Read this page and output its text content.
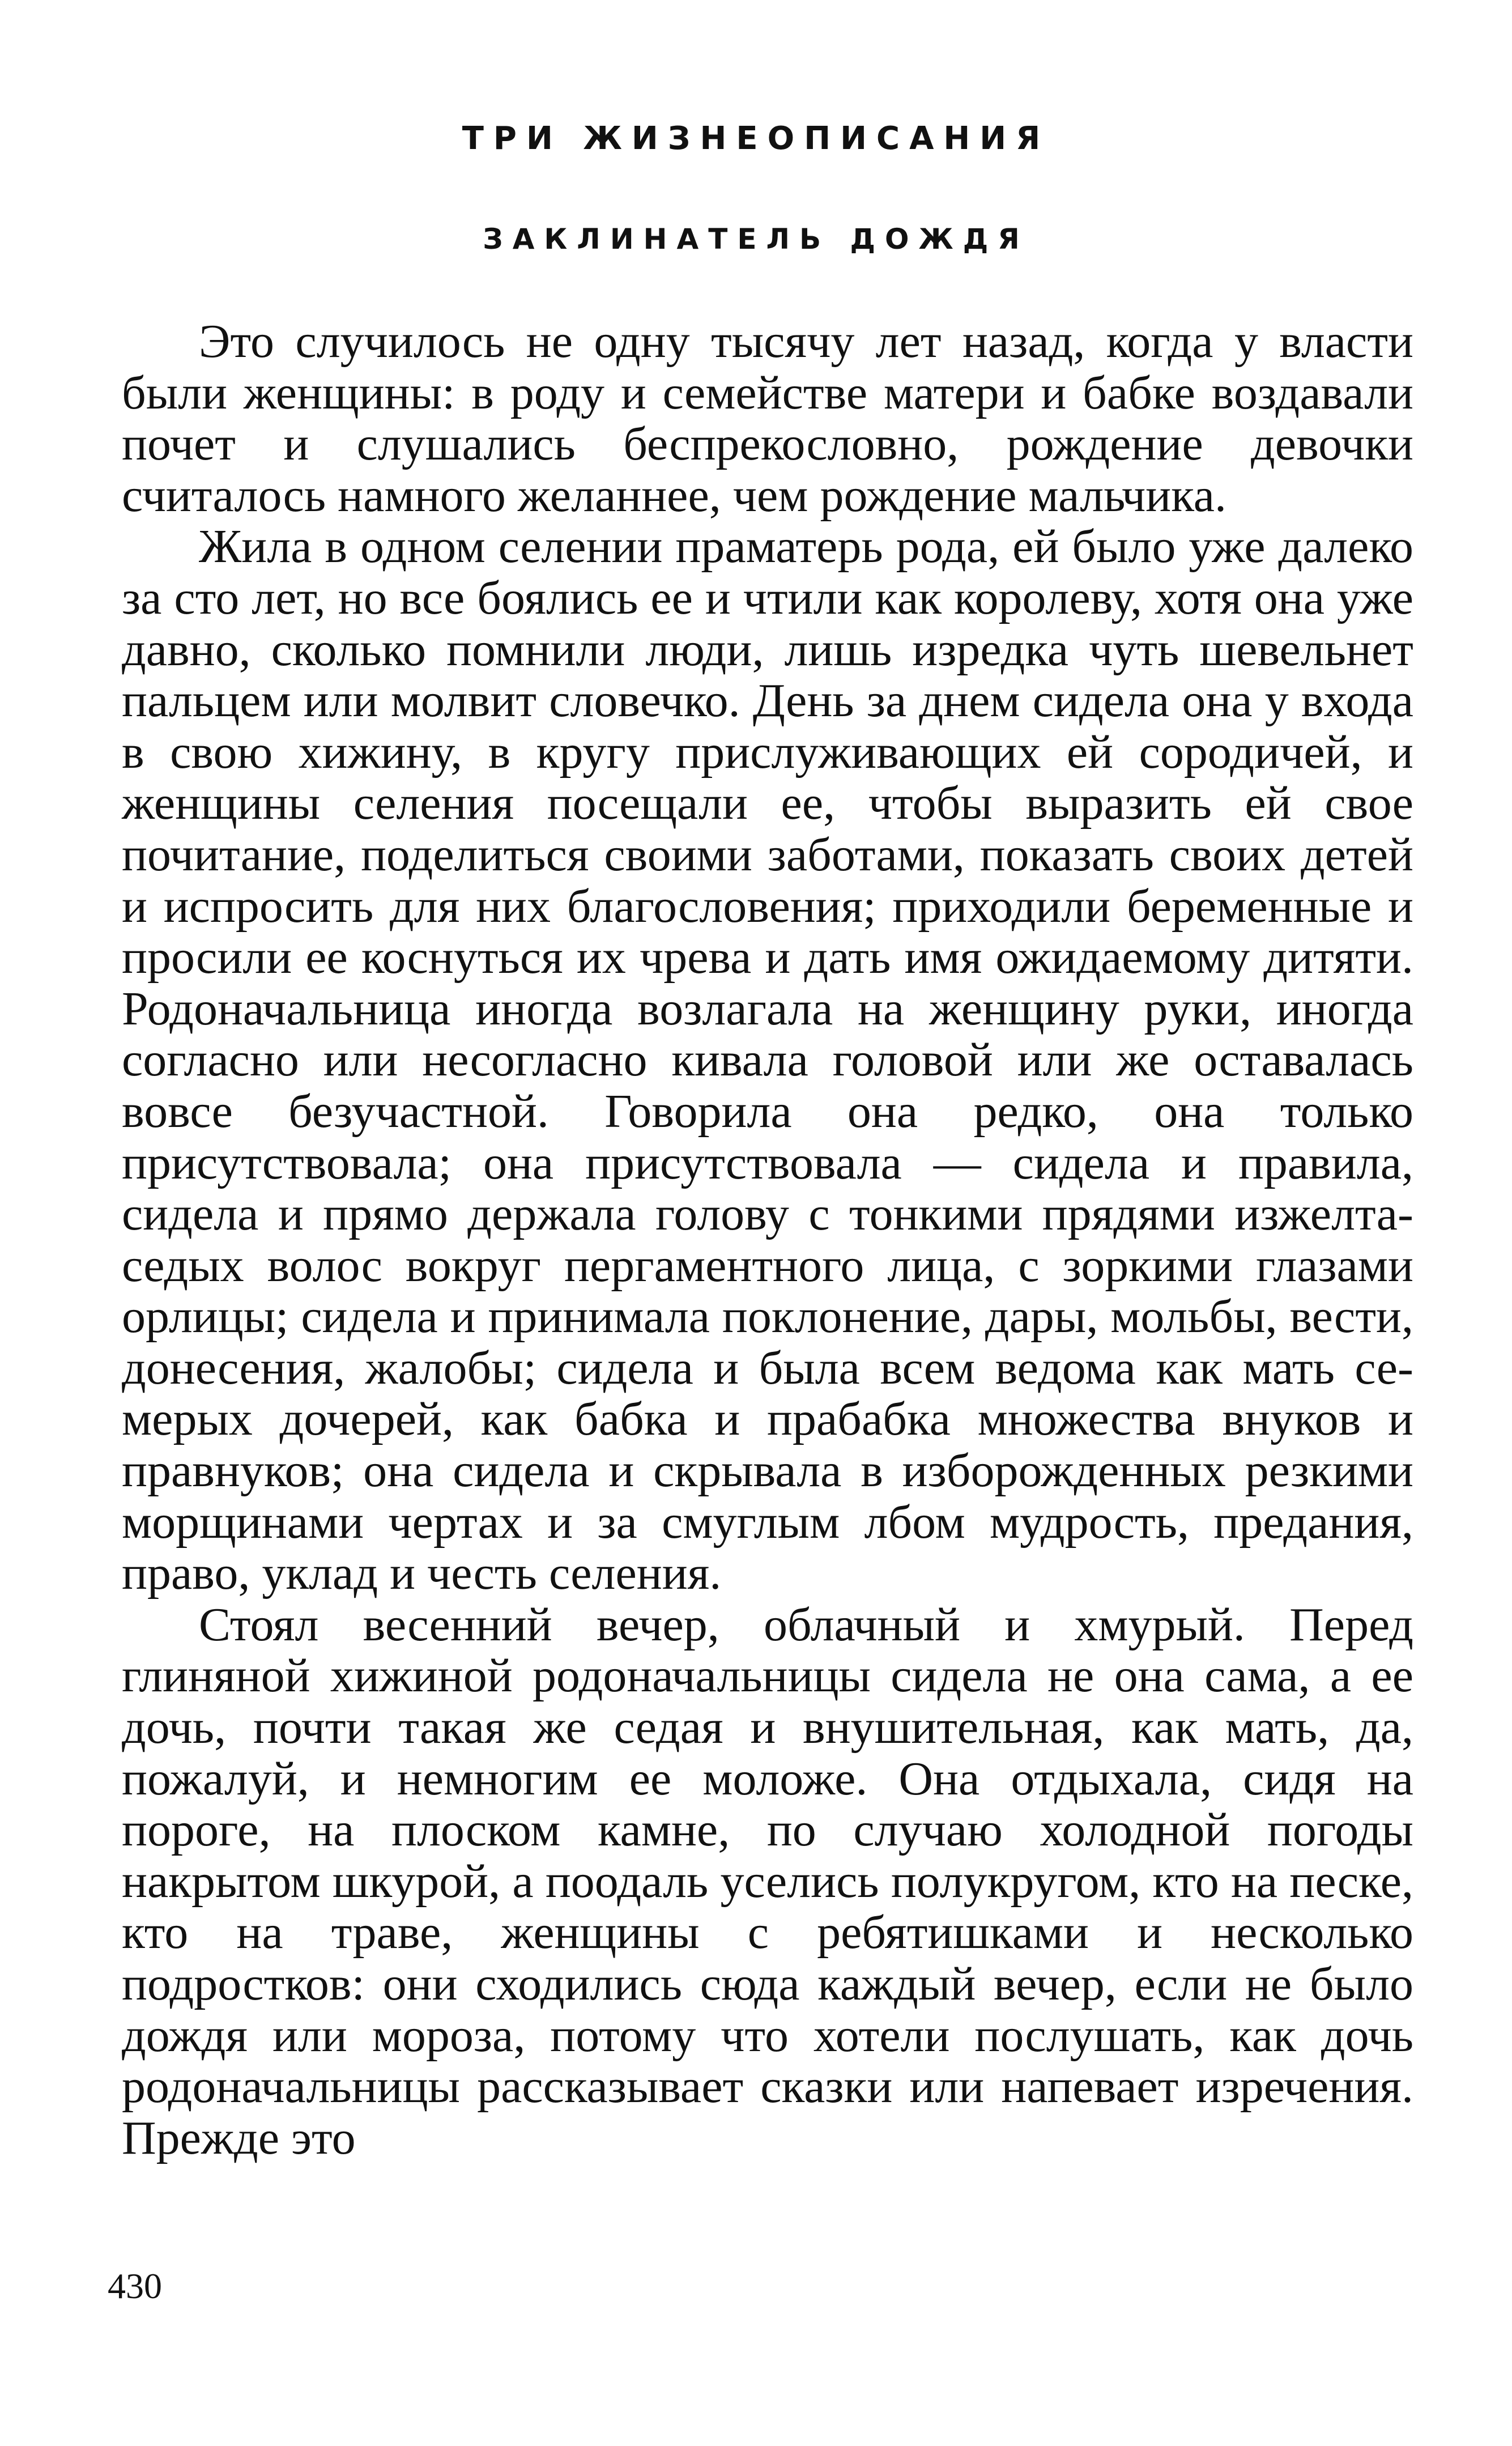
ТРИ ЖИЗНЕОПИСАНИЯ
ЗАКЛИНАТЕЛЬ ДОЖДЯ

Это случилось не одну тысячу лет назад, когда у власти были женщины: в роду и семействе матери и бабке воздавали почет и слушались беспрекословно, рождение девочки считалось намного желаннее, чем рождение мальчика.

Жила в одном селении праматерь рода, ей было уже далеко за сто лет, но все боялись ее и чтили как королеву, хотя она уже давно, сколько помнили люди, лишь изредка чуть шевельнет пальцем или молвит словечко. День за днем сидела она у входа в свою хижину, в кругу прислуживающих ей сородичей, и женщины селения посещали ее, чтобы выразить ей свое почитание, поделиться своими заботами, показать своих детей и испросить для них благословения; приходили беременные и просили ее коснуться их чрева и дать имя ожидаемому дитяти. Родоначальница иногда возлагала на женщину руки, иногда согласно или несогласно кивала головой или же оставалась вовсе безучастной. Говорила она редко, она только присутствовала; она присутствовала — сидела и правила, сидела и прямо держала голову с тонкими прядями изжелта-седых волос вокруг пергаментного лица, с зоркими глазами орлицы; сидела и принимала поклонение, дары, мольбы, вести, донесения, жалобы; сидела и была всем ведома как мать семерых дочерей, как бабка и прабабка множества внуков и правнуков; она сидела и скрывала в изборожденных резкими морщинами чертах и за смуглым лбом мудрость, предания, право, уклад и честь селения.

Стоял весенний вечер, облачный и хмурый. Перед глиняной хижиной родоначальницы сидела не она сама, а ее дочь, почти такая же седая и внушительная, как мать, да, пожалуй, и немногим ее моложе. Она отдыхала, сидя на пороге, на плоском камне, по случаю холодной погоды накрытом шкурой, а поодаль уселись полукругом, кто на песке, кто на траве, женщины с ребятишками и несколько подростков: они сходились сюда каждый вечер, если не было дождя или мороза, потому что хотели послушать, как дочь родоначальницы рассказывает сказки или напевает изречения. Прежде это

430
